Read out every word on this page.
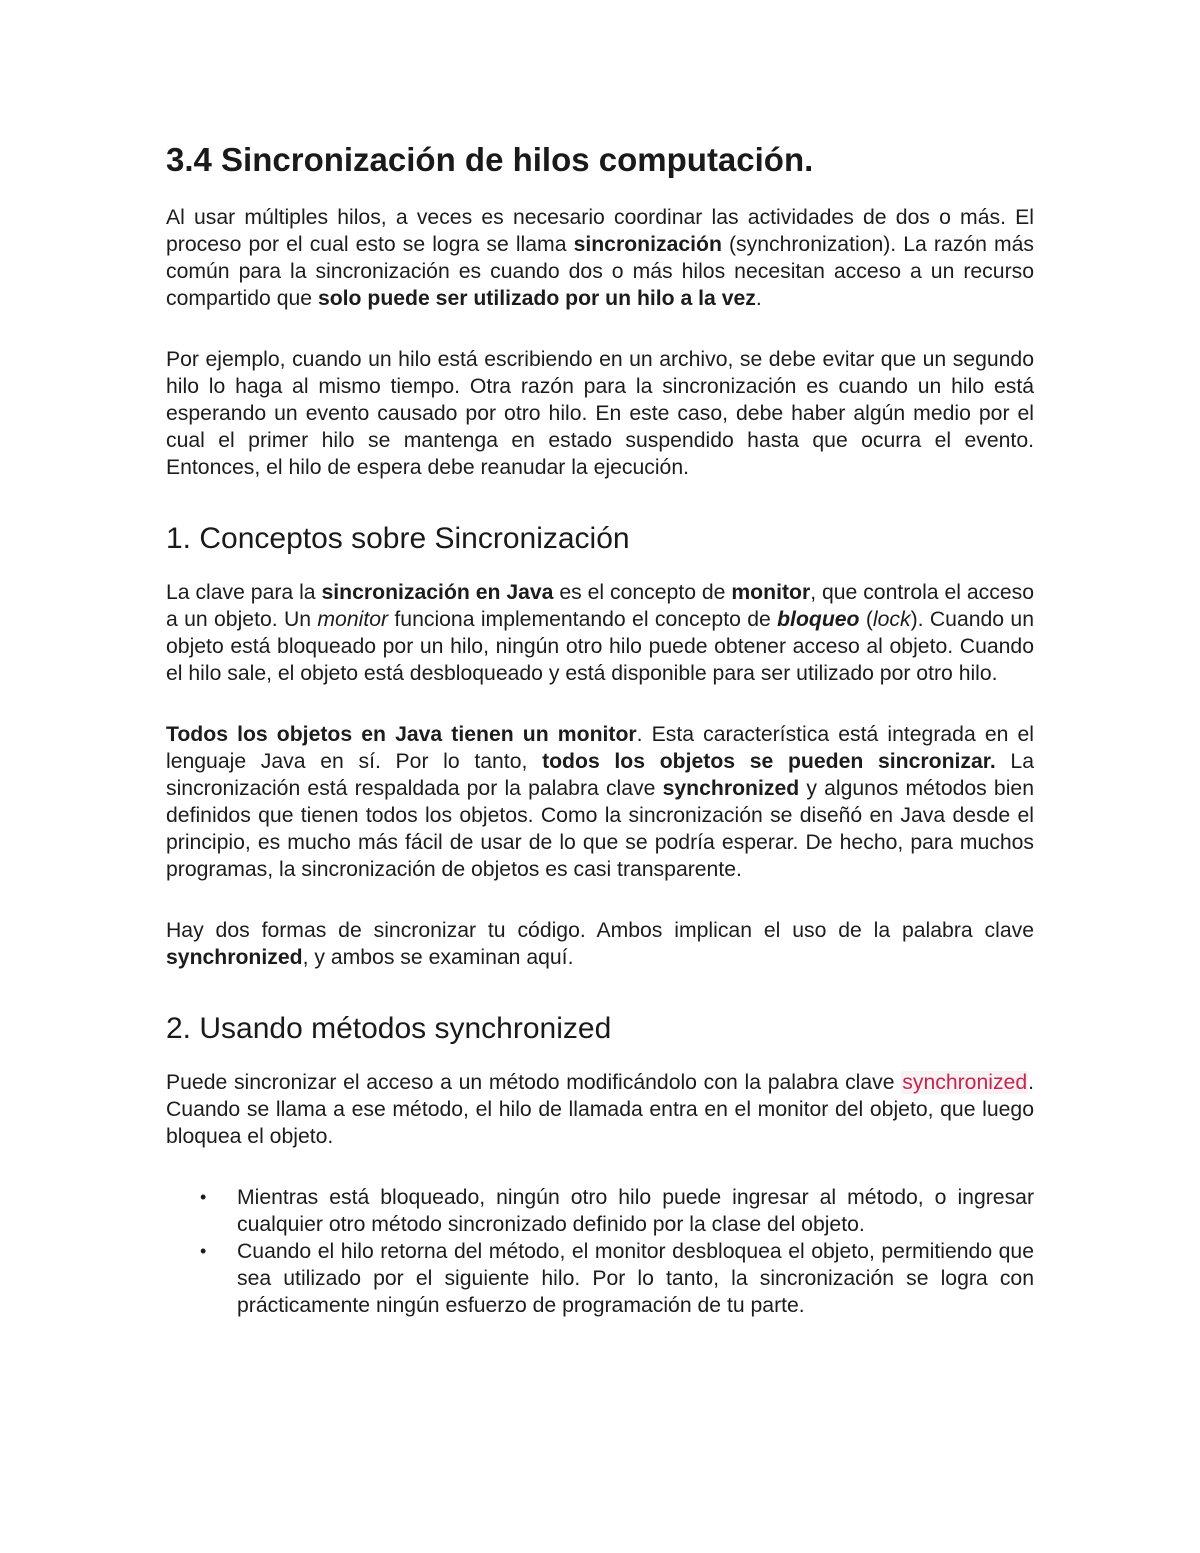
3.4 Sincronización de hilos computación.

Al usar múltiples hilos, a veces es necesario coordinar las actividades de dos o más. El proceso por el cual esto se logra se llama sincronización (synchronization). La razón más común para la sincronización es cuando dos o más hilos necesitan acceso a un recurso compartido que solo puede ser utilizado por un hilo a la vez.

Por ejemplo, cuando un hilo está escribiendo en un archivo, se debe evitar que un segundo hilo lo haga al mismo tiempo. Otra razón para la sincronización es cuando un hilo está esperando un evento causado por otro hilo. En este caso, debe haber algún medio por el cual el primer hilo se mantenga en estado suspendido hasta que ocurra el evento. Entonces, el hilo de espera debe reanudar la ejecución.

1. Conceptos sobre Sincronización

La clave para la sincronización en Java es el concepto de monitor, que controla el acceso a un objeto. Un monitor funciona implementando el concepto de bloqueo (lock). Cuando un objeto está bloqueado por un hilo, ningún otro hilo puede obtener acceso al objeto. Cuando el hilo sale, el objeto está desbloqueado y está disponible para ser utilizado por otro hilo.

Todos los objetos en Java tienen un monitor. Esta característica está integrada en el lenguaje Java en sí. Por lo tanto, todos los objetos se pueden sincronizar. La sincronización está respaldada por la palabra clave synchronized y algunos métodos bien definidos que tienen todos los objetos. Como la sincronización se diseñó en Java desde el principio, es mucho más fácil de usar de lo que se podría esperar. De hecho, para muchos programas, la sincronización de objetos es casi transparente.

Hay dos formas de sincronizar tu código. Ambos implican el uso de la palabra clave synchronized, y ambos se examinan aquí.

2. Usando métodos synchronized

Puede sincronizar el acceso a un método modificándolo con la palabra clave synchronized. Cuando se llama a ese método, el hilo de llamada entra en el monitor del objeto, que luego bloquea el objeto.

• Mientras está bloqueado, ningún otro hilo puede ingresar al método, o ingresar cualquier otro método sincronizado definido por la clase del objeto.
• Cuando el hilo retorna del método, el monitor desbloquea el objeto, permitiendo que sea utilizado por el siguiente hilo. Por lo tanto, la sincronización se logra con prácticamente ningún esfuerzo de programación de tu parte.
